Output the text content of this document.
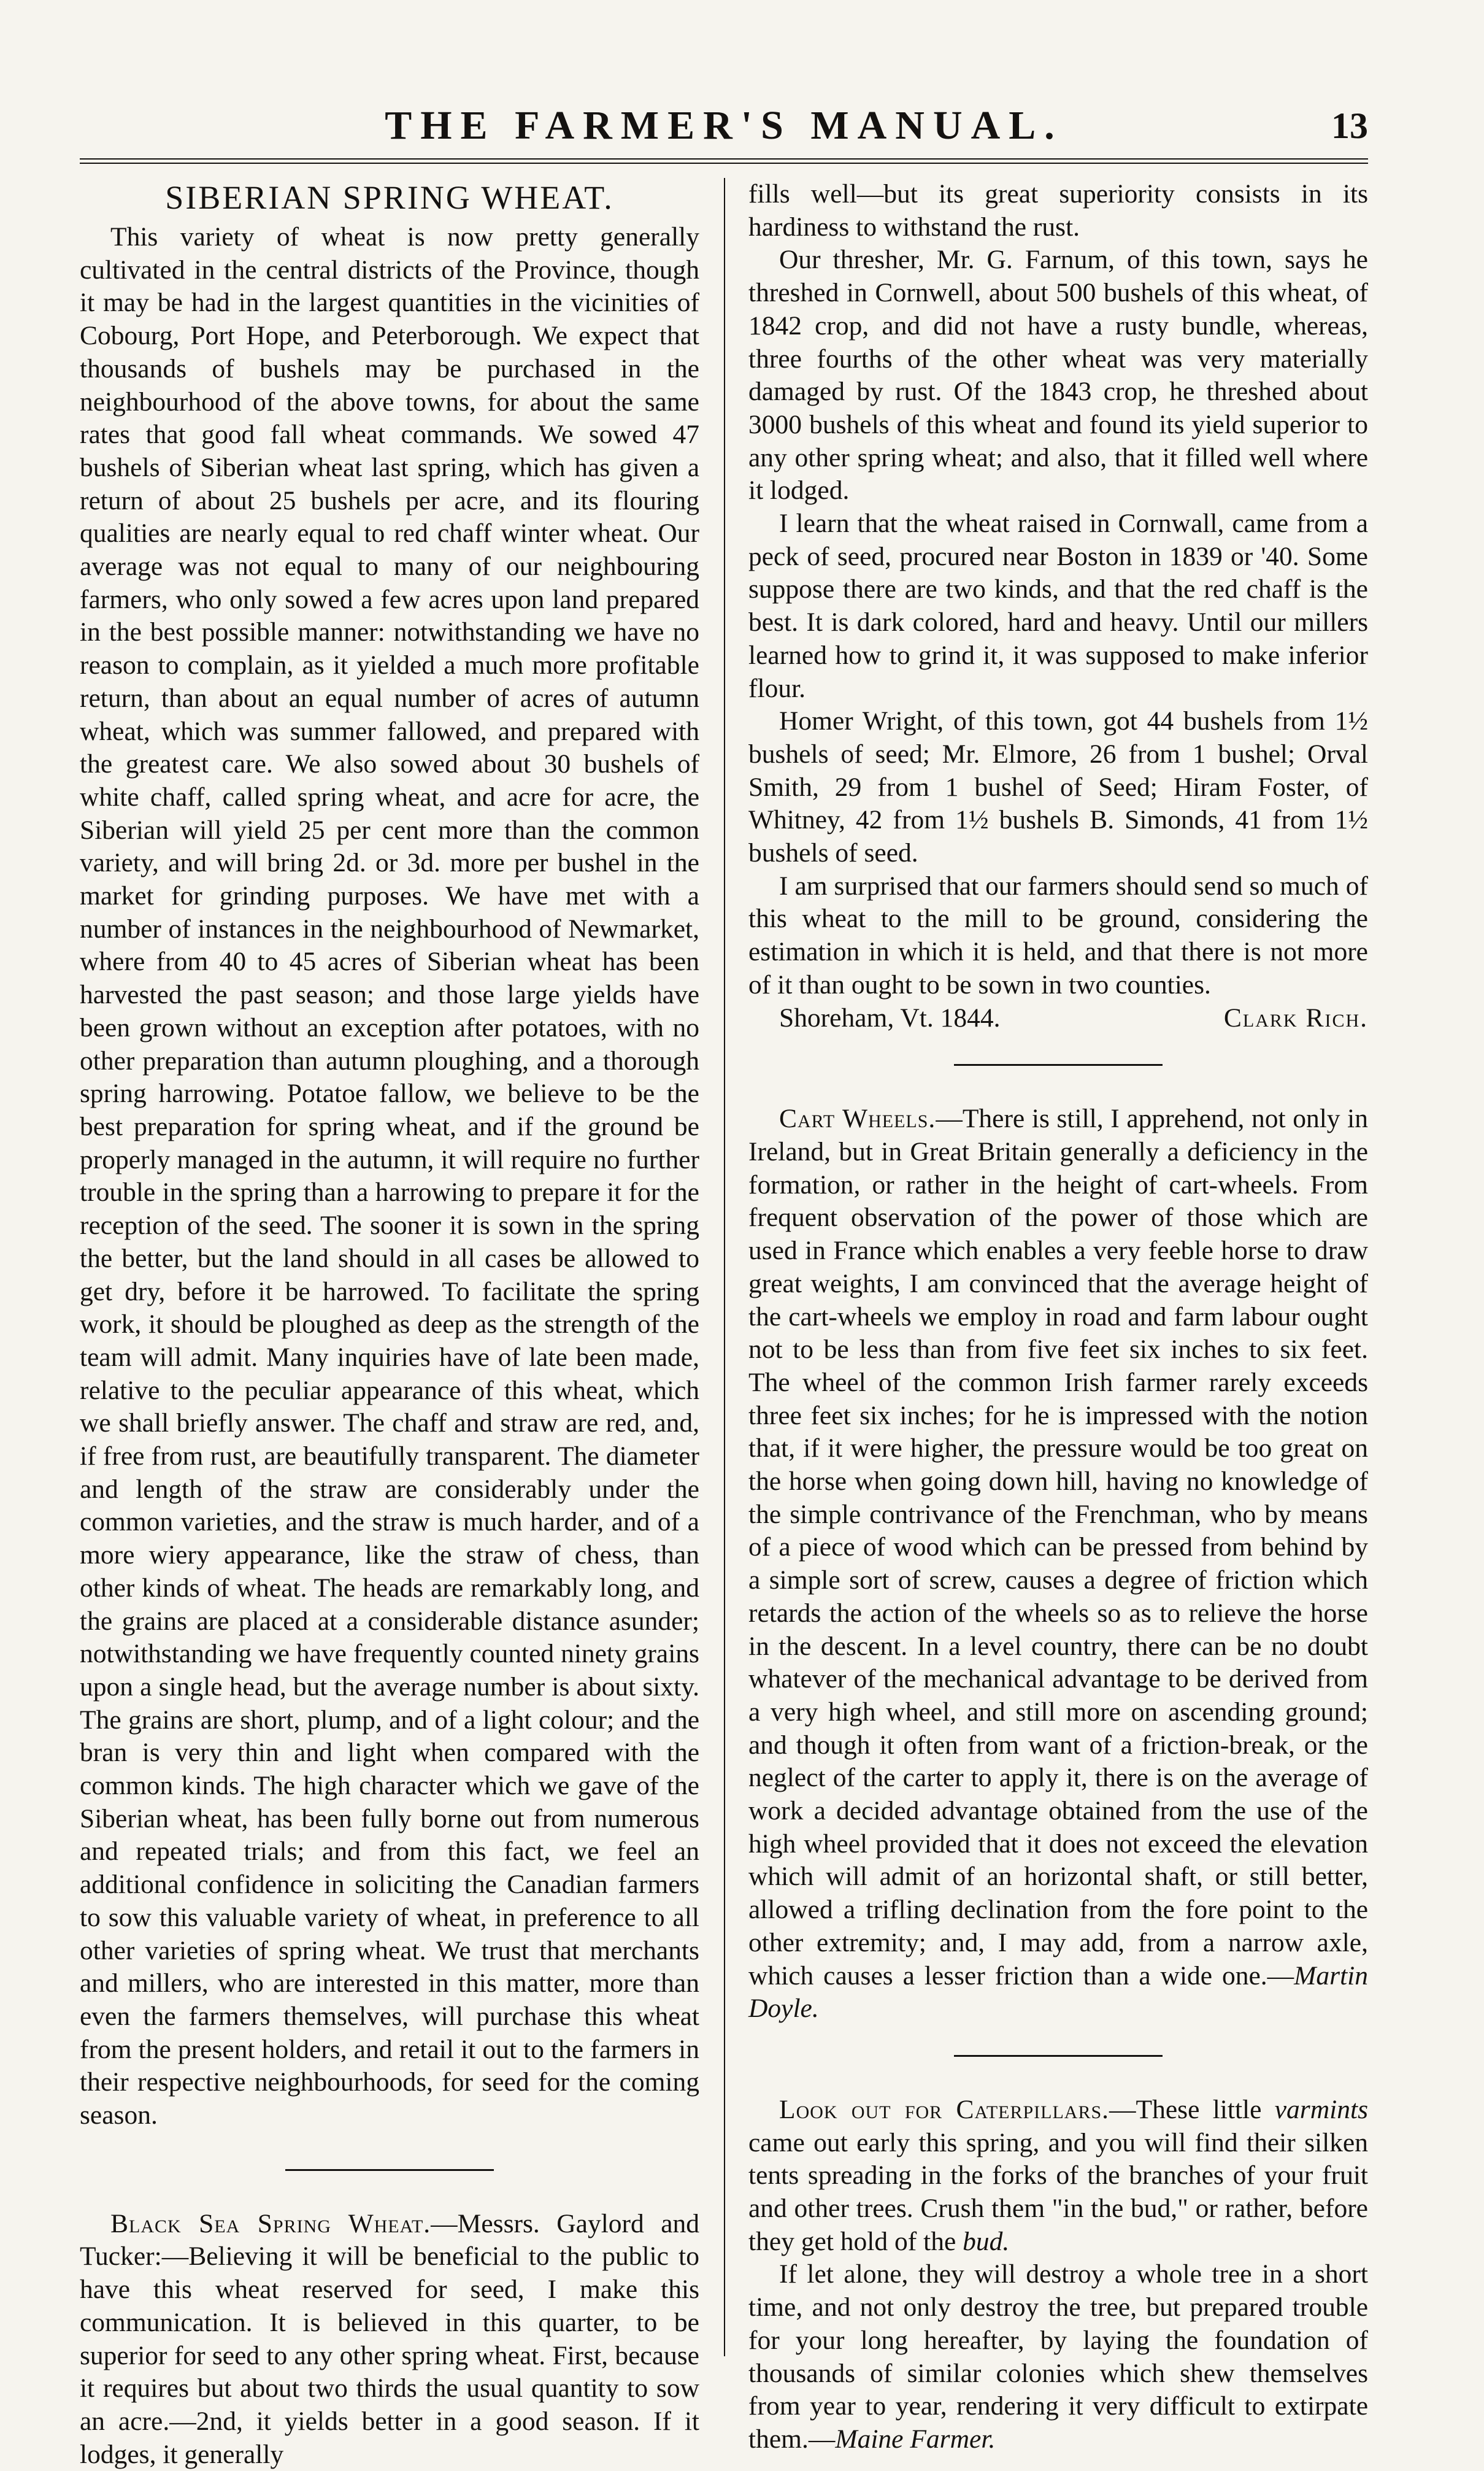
THE FARMER'S MANUAL.	13
SIBERIAN SPRING WHEAT.

This variety of wheat is now pretty generally cultivated in the central districts of the Province, though it may be had in the largest quantities in the vicinities of Cobourg, Port Hope, and Peterborough. We expect that thousands of bushels may be purchased in the neighbourhood of the above towns, for about the same rates that good fall wheat commands. We sowed 47 bushels of Siberian wheat last spring, which has given a return of about 25 bushels per acre, and its flouring qualities are nearly equal to red chaff winter wheat. Our average was not equal to many of our neighbouring farmers, who only sowed a few acres upon land prepared in the best possible manner: notwithstanding we have no reason to complain, as it yielded a much more profitable return, than about an equal number of acres of autumn wheat, which was summer fallowed, and prepared with the greatest care. We also sowed about 30 bushels of white chaff, called spring wheat, and acre for acre, the Siberian will yield 25 per cent more than the common variety, and will bring 2d. or 3d. more per bushel in the market for grinding purposes. We have met with a number of instances in the neighbourhood of Newmarket, where from 40 to 45 acres of Siberian wheat has been harvested the past season; and those large yields have been grown without an exception after potatoes, with no other preparation than autumn ploughing, and a thorough spring harrowing. Potatoe fallow, we believe to be the best preparation for spring wheat, and if the ground be properly managed in the autumn, it will require no further trouble in the spring than a harrowing to prepare it for the reception of the seed. The sooner it is sown in the spring the better, but the land should in all cases be allowed to get dry, before it be harrowed. To facilitate the spring work, it should be ploughed as deep as the strength of the team will admit. Many inquiries have of late been made, relative to the peculiar appearance of this wheat, which we shall briefly answer. The chaff and straw are red, and, if free from rust, are beautifully transparent. The diameter and length of the straw are considerably under the common varieties, and the straw is much harder, and of a more wiery appearance, like the straw of chess, than other kinds of wheat. The heads are remarkably long, and the grains are placed at a considerable distance asunder; notwithstanding we have frequently counted ninety grains upon a single head, but the average number is about sixty. The grains are short, plump, and of a light colour; and the bran is very thin and light when compared with the common kinds. The high character which we gave of the Siberian wheat, has been fully borne out from numerous and repeated trials; and from this fact, we feel an additional confidence in soliciting the Canadian farmers to sow this valuable variety of wheat, in preference to all other varieties of spring wheat. We trust that merchants and millers, who are interested in this matter, more than even the farmers themselves, will purchase this wheat from the present holders, and retail it out to the farmers in their respective neighbourhoods, for seed for the coming season.

Black Sea Spring Wheat.—Messrs. Gaylord and Tucker:—Believing it will be beneficial to the public to have this wheat reserved for seed, I make this communication. It is believed in this quarter, to be superior for seed to any other spring wheat. First, because it requires but about two thirds the usual quantity to sow an acre.—2nd, it yields better in a good season. If it lodges, it generally

fills well—but its great superiority consists in its hardiness to withstand the rust.

Our thresher, Mr. G. Farnum, of this town, says he threshed in Cornwell, about 500 bushels of this wheat, of 1842 crop, and did not have a rusty bundle, whereas, three fourths of the other wheat was very materially damaged by rust. Of the 1843 crop, he threshed about 3000 bushels of this wheat and found its yield superior to any other spring wheat; and also, that it filled well where it lodged.

I learn that the wheat raised in Cornwall, came from a peck of seed, procured near Boston in 1839 or '40. Some suppose there are two kinds, and that the red chaff is the best. It is dark colored, hard and heavy. Until our millers learned how to grind it, it was supposed to make inferior flour.

Homer Wright, of this town, got 44 bushels from 1½ bushels of seed; Mr. Elmore, 26 from 1 bushel; Orval Smith, 29 from 1 bushel of Seed; Hiram Foster, of Whitney, 42 from 1½ bushels B. Simonds, 41 from 1½ bushels of seed.

I am surprised that our farmers should send so much of this wheat to the mill to be ground, considering the estimation in which it is held, and that there is not more of it than ought to be sown in two counties.

Shoreham, Vt. 1844.	Clark Rich.

Cart Wheels.—There is still, I apprehend, not only in Ireland, but in Great Britain generally a deficiency in the formation, or rather in the height of cart-wheels. From frequent observation of the power of those which are used in France which enables a very feeble horse to draw great weights, I am convinced that the average height of the cart-wheels we employ in road and farm labour ought not to be less than from five feet six inches to six feet. The wheel of the common Irish farmer rarely exceeds three feet six inches; for he is impressed with the notion that, if it were higher, the pressure would be too great on the horse when going down hill, having no knowledge of the simple contrivance of the Frenchman, who by means of a piece of wood which can be pressed from behind by a simple sort of screw, causes a degree of friction which retards the action of the wheels so as to relieve the horse in the descent. In a level country, there can be no doubt whatever of the mechanical advantage to be derived from a very high wheel, and still more on ascending ground; and though it often from want of a friction-break, or the neglect of the carter to apply it, there is on the average of work a decided advantage obtained from the use of the high wheel provided that it does not exceed the elevation which will admit of an horizontal shaft, or still better, allowed a trifling declination from the fore point to the other extremity; and, I may add, from a narrow axle, which causes a lesser friction than a wide one.—Martin Doyle.

Look out for Caterpillars.—These little varmints came out early this spring, and you will find their silken tents spreading in the forks of the branches of your fruit and other trees. Crush them "in the bud," or rather, before they get hold of the bud.

If let alone, they will destroy a whole tree in a short time, and not only destroy the tree, but prepared trouble for your long hereafter, by laying the foundation of thousands of similar colonies which shew themselves from year to year, rendering it very difficult to extirpate them.—Maine Farmer.
